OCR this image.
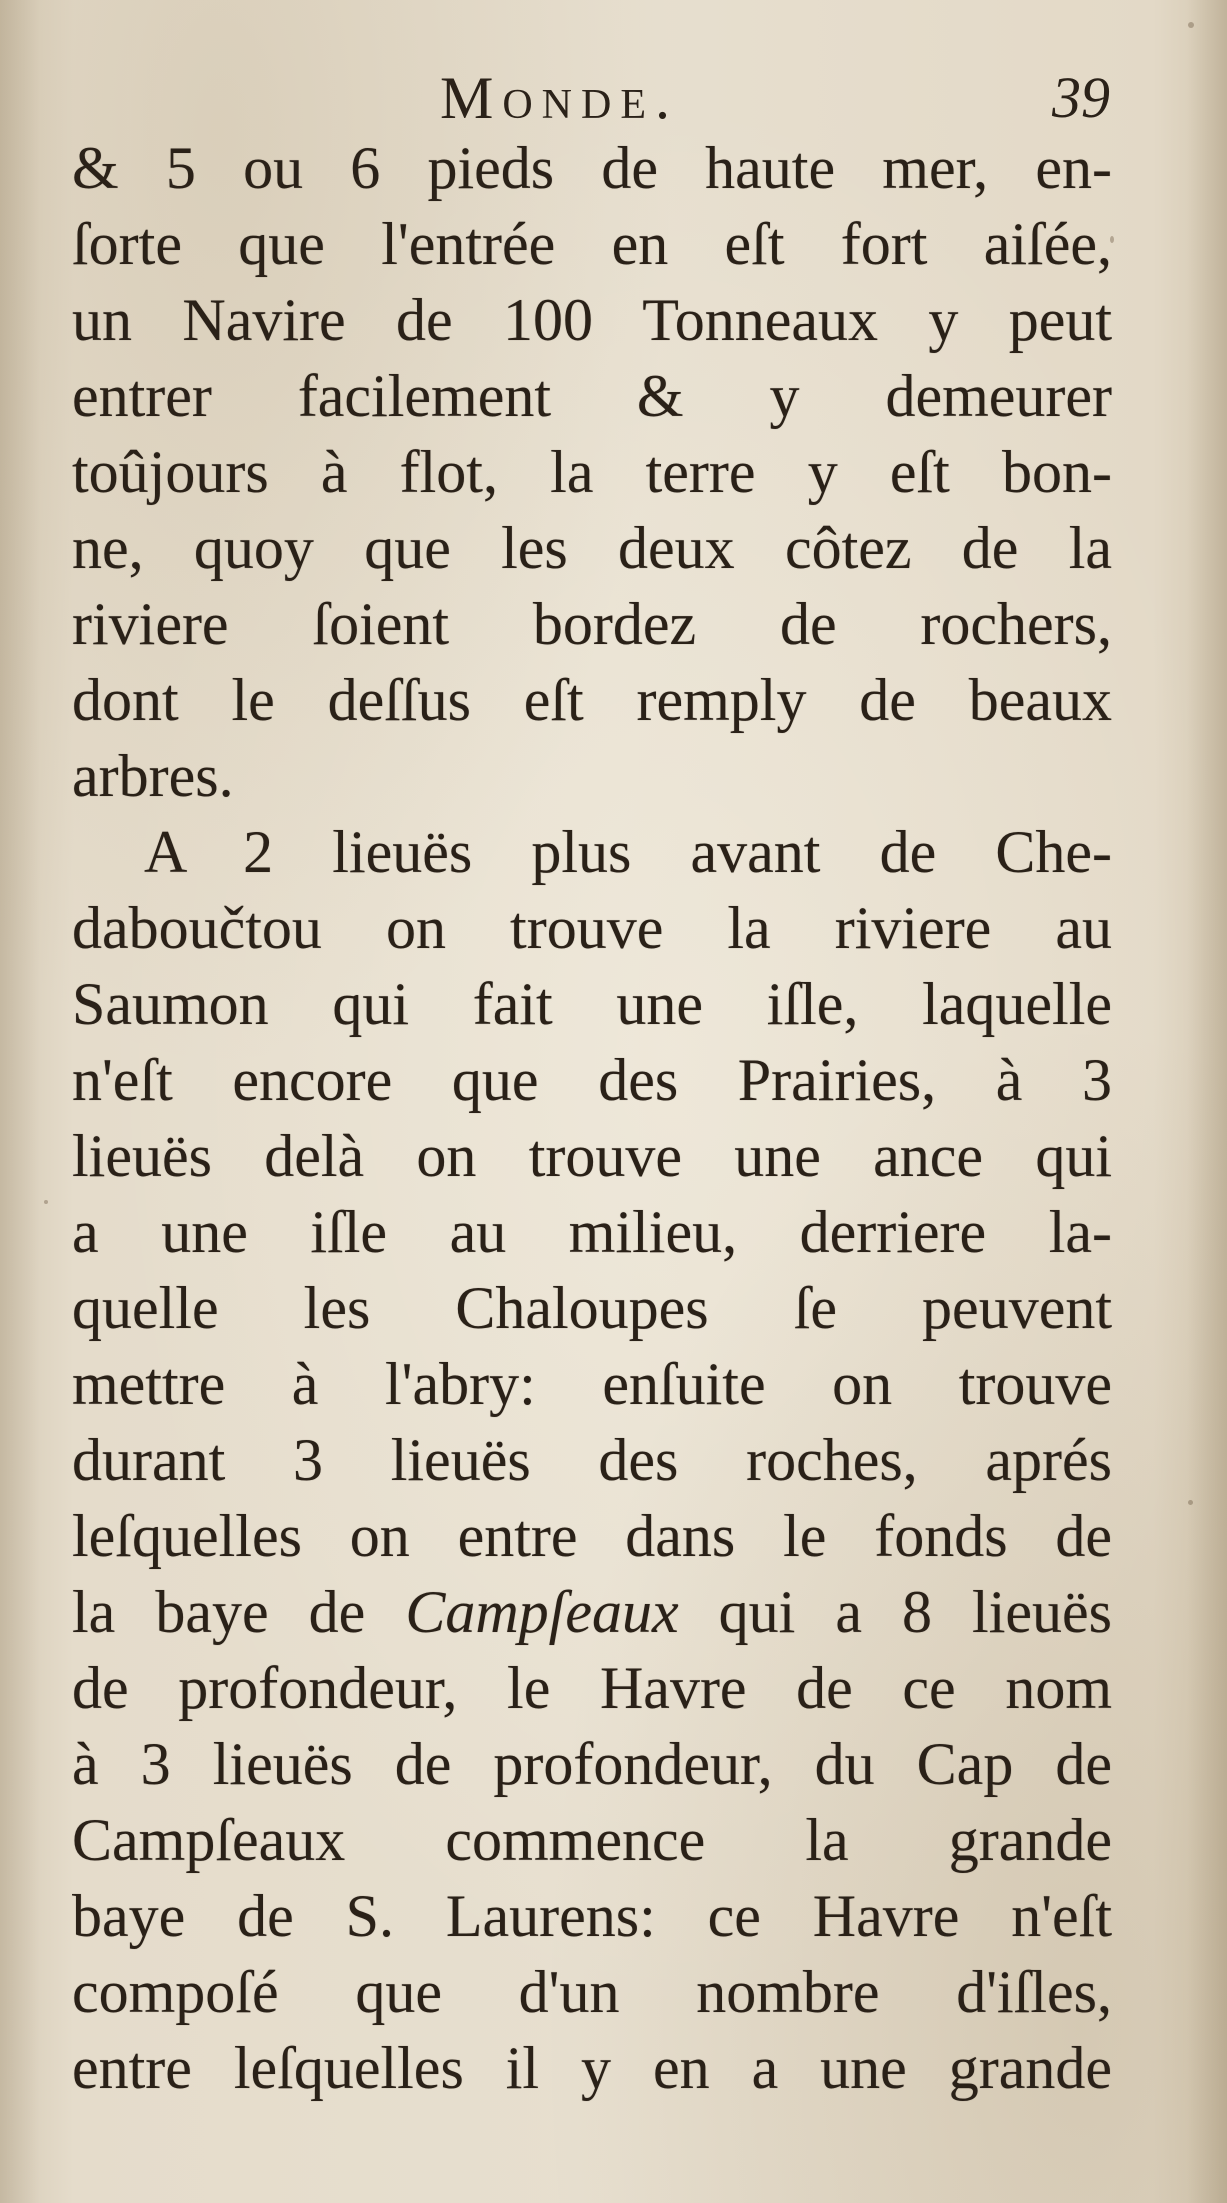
Monde.	39
& 5 ou 6 pieds de haute mer, en-
ſorte que l'entrée en eſt fort aiſée,
un Navire de 100 Tonneaux y peut
entrer facilement & y demeurer
toûjours à flot, la terre y eſt bon-
ne, quoy que les deux côtez de la
riviere ſoient bordez de rochers,
dont le deſſus eſt remply de beaux
arbres.
A 2 lieuës plus avant de Che-
daboučtou on trouve la riviere au
Saumon qui fait une iſle, laquelle
n'eſt encore que des Prairies, à 3
lieuës delà on trouve une ance qui
a une iſle au milieu, derriere la-
quelle les Chaloupes ſe peuvent
mettre à l'abry: enſuite on trouve
durant 3 lieuës des roches, aprés
leſquelles on entre dans le fonds de
la baye de Campſeaux qui a 8 lieuës
de profondeur, le Havre de ce nom
à 3 lieuës de profondeur, du Cap de
Campſeaux commence la grande
baye de S. Laurens: ce Havre n'eſt
compoſé que d'un nombre d'iſles,
entre leſquelles il y en a une grande
